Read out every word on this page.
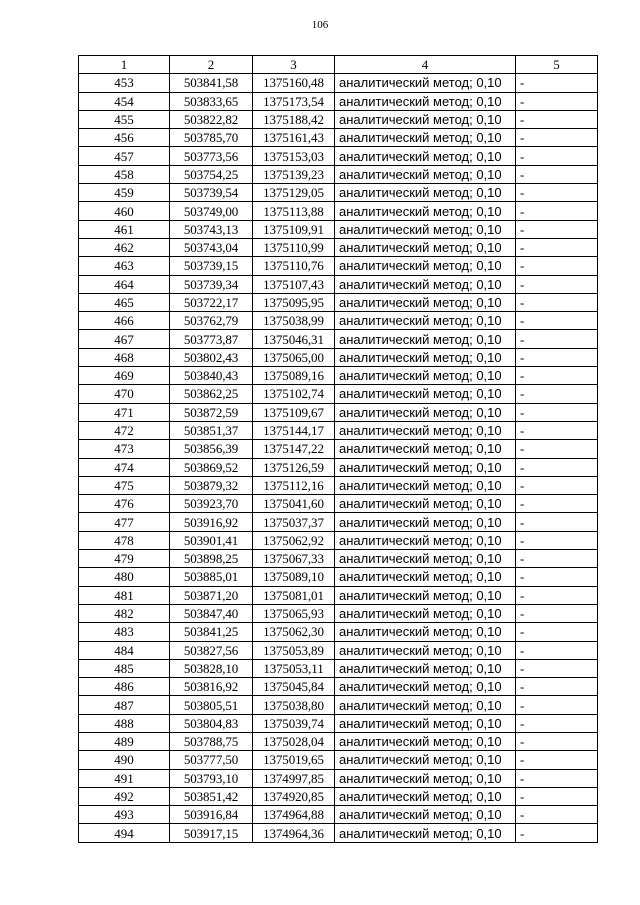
106
1	2	3	4	5
453	503841,58	1375160,48	аналитический метод; 0,10	-
454	503833,65	1375173,54	аналитический метод; 0,10	-
455	503822,82	1375188,42	аналитический метод; 0,10	-
456	503785,70	1375161,43	аналитический метод; 0,10	-
457	503773,56	1375153,03	аналитический метод; 0,10	-
458	503754,25	1375139,23	аналитический метод; 0,10	-
459	503739,54	1375129,05	аналитический метод; 0,10	-
460	503749,00	1375113,88	аналитический метод; 0,10	-
461	503743,13	1375109,91	аналитический метод; 0,10	-
462	503743,04	1375110,99	аналитический метод; 0,10	-
463	503739,15	1375110,76	аналитический метод; 0,10	-
464	503739,34	1375107,43	аналитический метод; 0,10	-
465	503722,17	1375095,95	аналитический метод; 0,10	-
466	503762,79	1375038,99	аналитический метод; 0,10	-
467	503773,87	1375046,31	аналитический метод; 0,10	-
468	503802,43	1375065,00	аналитический метод; 0,10	-
469	503840,43	1375089,16	аналитический метод; 0,10	-
470	503862,25	1375102,74	аналитический метод; 0,10	-
471	503872,59	1375109,67	аналитический метод; 0,10	-
472	503851,37	1375144,17	аналитический метод; 0,10	-
473	503856,39	1375147,22	аналитический метод; 0,10	-
474	503869,52	1375126,59	аналитический метод; 0,10	-
475	503879,32	1375112,16	аналитический метод; 0,10	-
476	503923,70	1375041,60	аналитический метод; 0,10	-
477	503916,92	1375037,37	аналитический метод; 0,10	-
478	503901,41	1375062,92	аналитический метод; 0,10	-
479	503898,25	1375067,33	аналитический метод; 0,10	-
480	503885,01	1375089,10	аналитический метод; 0,10	-
481	503871,20	1375081,01	аналитический метод; 0,10	-
482	503847,40	1375065,93	аналитический метод; 0,10	-
483	503841,25	1375062,30	аналитический метод; 0,10	-
484	503827,56	1375053,89	аналитический метод; 0,10	-
485	503828,10	1375053,11	аналитический метод; 0,10	-
486	503816,92	1375045,84	аналитический метод; 0,10	-
487	503805,51	1375038,80	аналитический метод; 0,10	-
488	503804,83	1375039,74	аналитический метод; 0,10	-
489	503788,75	1375028,04	аналитический метод; 0,10	-
490	503777,50	1375019,65	аналитический метод; 0,10	-
491	503793,10	1374997,85	аналитический метод; 0,10	-
492	503851,42	1374920,85	аналитический метод; 0,10	-
493	503916,84	1374964,88	аналитический метод; 0,10	-
494	503917,15	1374964,36	аналитический метод; 0,10	-
